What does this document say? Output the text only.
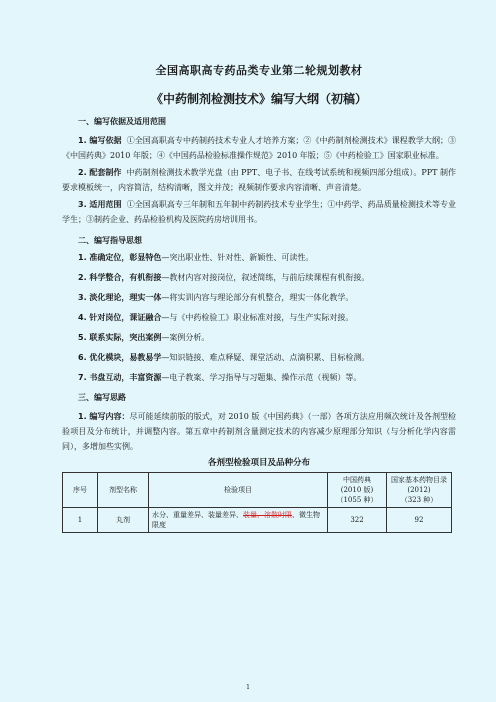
全国高职高专药品类专业第二轮规划教材
《中药制剂检测技术》编写大纲（初稿）
一、编写依据及适用范围

1. 编写依据 ①全国高职高专中药制药技术专业人才培养方案；②《中药制剂检测技术》课程教学大纲；③《中国药典》2010 年版；④《中国药品检验标准操作规范》2010 年版；⑤《中药检验工》国家职业标准。

2. 配套制作 中药制剂检测技术教学光盘（由 PPT、电子书、在线考试系统和视频四部分组成）。PPT 制作要求模板统一，内容简洁，结构清晰，图文并茂；视频制作要求内容清晰、声音清楚。

3. 适用范围 ①全国高职高专三年制和五年制中药制药技术专业学生；①中药学、药品质量检测技术等专业学生；③制药企业、药品检验机构及医院药房培训用书。

二、编写指导思想

1. 准确定位，彰显特色—突出职业性、针对性、新颖性、可读性。

2. 科学整合，有机衔接—教材内容对接岗位，叙述简练，与前后续课程有机衔接。

3. 淡化理论，理实一体—将实训内容与理论部分有机整合，理实一体化教学。

4. 针对岗位，课证融合—与《中药检验工》职业标准对接，与生产实际对接。

5. 联系实际，突出案例—案例分析。

6. 优化模块，易教易学—知识链接、难点释疑、课堂活动、点滴积累、目标检测。

7. 书盘互动，丰富资源—电子教案、学习指导与习题集、操作示范（视频）等。

三、编写思路

1. 编写内容：尽可能延续前版的版式，对 2010 版《中国药典》（一部）各项方法应用频次统计及各剂型检验项目及分布统计，并调整内容。第五章中药制剂含量测定技术的内容减少原理部分知识（与分析化学内容雷同），多增加些实例。

各剂型检验项目及品种分布
序号	剂型名称	检验项目	中国药典
(2010 版)
（1055 种）	国家基本药物目录
(2012)
（323 种）
1	丸剂	水分、重量差异、装量差异、装量、溶散时限、微生物限度	322	92
1
